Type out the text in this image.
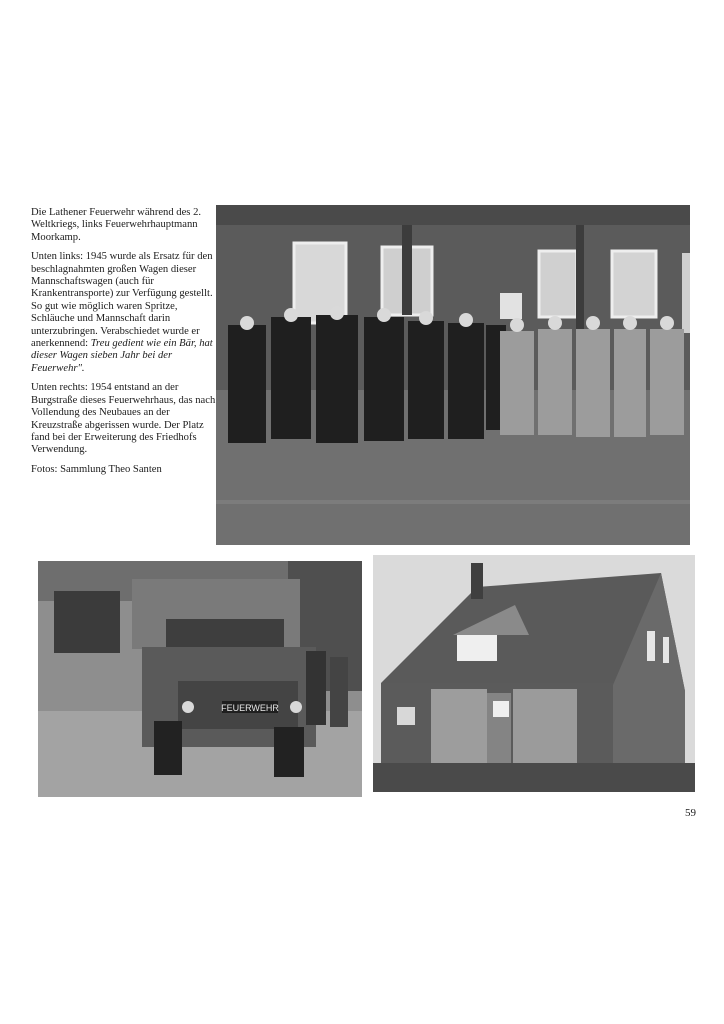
Die Lathener Feuerwehr während des 2. Weltkriegs, links Feuerwehrhauptmann Moorkamp.

Unten links: 1945 wurde als Ersatz für den beschlagnahmten großen Wagen dieser Mannschaftswagen (auch für Krankentransporte) zur Verfügung gestellt. So gut wie möglich waren Spritze, Schläuche und Mannschaft darin unterzubringen. Verabschiedet wurde er anerkennend: Treu gedient wie ein Bär, hat dieser Wagen sieben Jahr bei der Feuerwehr".

Unten rechts: 1954 entstand an der Burgstraße dieses Feuerwehrhaus, das nach Vollendung des Neubaues an der Kreuzstraße abgerissen wurde. Der Platz fand bei der Erweiterung des Friedhofs Verwendung.

Fotos: Sammlung Theo Santen

FEUERWEHR
59
